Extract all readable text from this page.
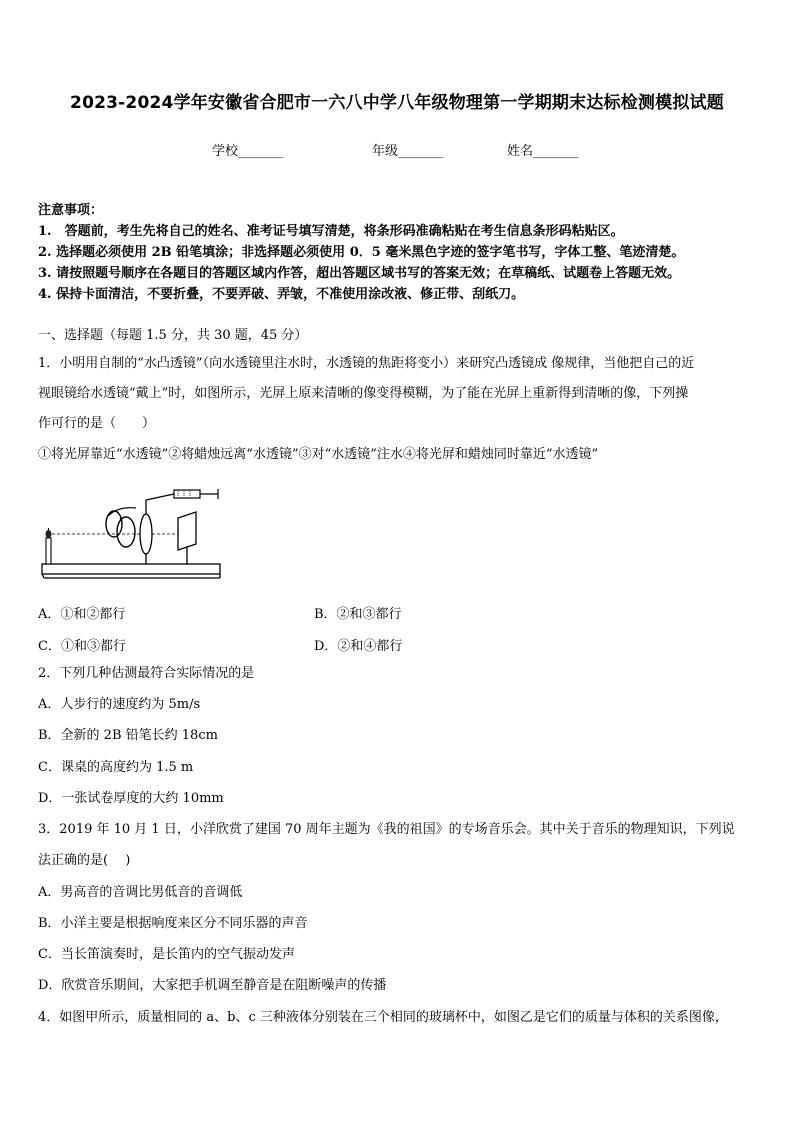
2023-2024学年安徽省合肥市一六八中学八年级物理第一学期期末达标检测模拟试题
学校_______	年级_______	姓名_______
注意事项：
1.　答题前，考生先将自己的姓名、准考证号填写清楚，将条形码准确粘贴在考生信息条形码粘贴区。
2. 选择题必须使用 2B 铅笔填涂；非选择题必须使用 0．5 毫米黑色字迹的签字笔书写，字体工整、笔迹清楚。
3. 请按照题号顺序在各题目的答题区域内作答，超出答题区域书写的答案无效；在草稿纸、试题卷上答题无效。
4. 保持卡面清洁，不要折叠，不要弄破、弄皱，不准使用涂改液、修正带、刮纸刀。
一、选择题（每题 1.5 分，共 30 题，45 分）
1．小明用自制的“水凸透镜”（向水透镜里注水时，水透镜的焦距将变小）来研究凸透镜成 像规律，当他把自己的近
视眼镜给水透镜“戴上”时，如图所示，光屏上原来清晰的像变得模糊，为了能在光屏上重新得到清晰的像，下列操
作可行的是（　　）
①将光屏靠近“水透镜”②将蜡烛远离“水透镜”③对“水透镜”注水④将光屏和蜡烛同时靠近“水透镜”
A．①和②都行	B．②和③都行
C．①和③都行	D．②和④都行
2．下列几种估测最符合实际情况的是
A．人步行的速度约为 5m/s
B．全新的 2B 铅笔长约 18cm
C．课桌的高度约为 1.5 m
D．一张试卷厚度的大约 10mm
3．2019 年 10 月 1 日，小洋欣赏了建国 70 周年主题为《我的祖国》的专场音乐会。其中关于音乐的物理知识，下列说
法正确的是(　 )
A．男高音的音调比男低音的音调低
B．小洋主要是根据响度来区分不同乐器的声音
C．当长笛演奏时，是长笛内的空气振动发声
D．欣赏音乐期间，大家把手机调至静音是在阻断噪声的传播
4．如图甲所示，质量相同的 a、b、c 三种液体分别装在三个相同的玻璃杯中，如图乙是它们的质量与体积的关系图像，
